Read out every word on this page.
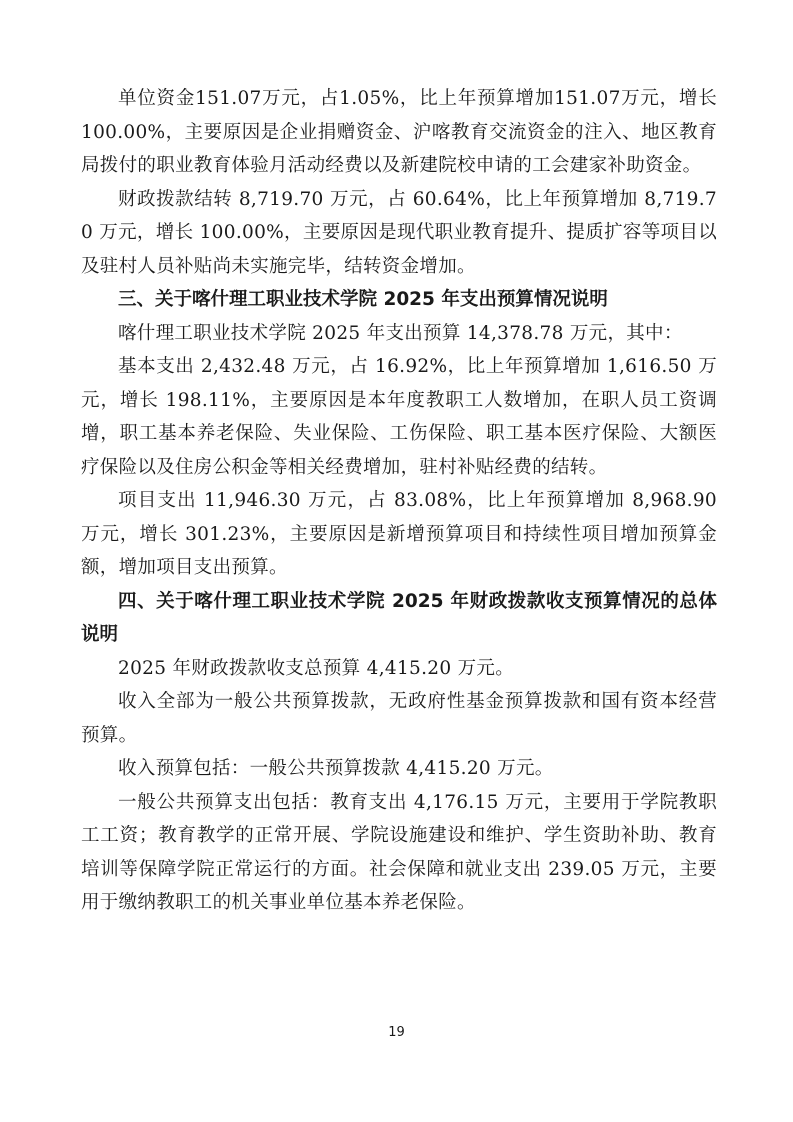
单位资金151.07万元，占1.05%，比上年预算增加151.07万元，增长100.00%，主要原因是企业捐赠资金、沪喀教育交流资金的注入、地区教育局拨付的职业教育体验月活动经费以及新建院校申请的工会建家补助资金。

财政拨款结转 8,719.70 万元，占 60.64%，比上年预算增加 8,719.70 万元，增长 100.00%，主要原因是现代职业教育提升、提质扩容等项目以及驻村人员补贴尚未实施完毕，结转资金增加。

三、关于喀什理工职业技术学院 2025 年支出预算情况说明

喀什理工职业技术学院 2025 年支出预算 14,378.78 万元，其中：

基本支出 2,432.48 万元，占 16.92%，比上年预算增加 1,616.50 万元，增长 198.11%，主要原因是本年度教职工人数增加，在职人员工资调增，职工基本养老保险、失业保险、工伤保险、职工基本医疗保险、大额医疗保险以及住房公积金等相关经费增加，驻村补贴经费的结转。

项目支出 11,946.30 万元，占 83.08%，比上年预算增加 8,968.90 万元，增长 301.23%，主要原因是新增预算项目和持续性项目增加预算金额，增加项目支出预算。

四、关于喀什理工职业技术学院 2025 年财政拨款收支预算情况的总体说明

2025 年财政拨款收支总预算 4,415.20 万元。

收入全部为一般公共预算拨款，无政府性基金预算拨款和国有资本经营预算。

收入预算包括：一般公共预算拨款 4,415.20 万元。

一般公共预算支出包括：教育支出 4,176.15 万元，主要用于学院教职工工资；教育教学的正常开展、学院设施建设和维护、学生资助补助、教育培训等保障学院正常运行的方面。社会保障和就业支出 239.05 万元，主要用于缴纳教职工的机关事业单位基本养老保险。

19
